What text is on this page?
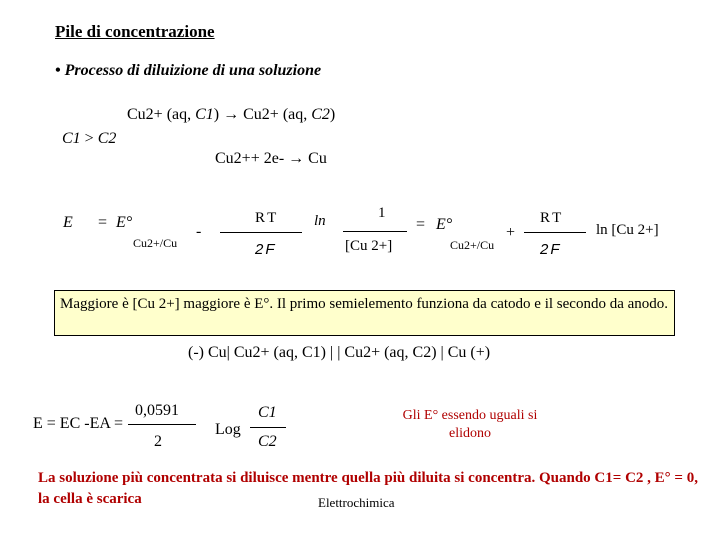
Pile di concentrazione
• Processo di diluizione di una soluzione
Cu2+ (aq, C1) → Cu2+ (aq, C2)
C1 > C2
Cu2++ 2e- → Cu
E = E°
Cu2+/Cu
-
RT
2F
ln	1
[Cu 2+]
= E°
Cu2+/Cu
+
RT
2F
ln [Cu 2+]
Maggiore è [Cu 2+] maggiore è E°. Il primo semielemento funziona da catodo e il secondo da anodo.
(-) Cu| Cu2+ (aq, C1) | | Cu2+ (aq, C2) | Cu (+)
E = EC -EA =
0,0591
2
Log
C1
C2
Gli E° essendo uguali si elidono
La soluzione più concentrata si diluisce mentre quella più diluita si concentra. Quando C1= C2 , E° = 0, la cella è scarica	Elettrochimica
